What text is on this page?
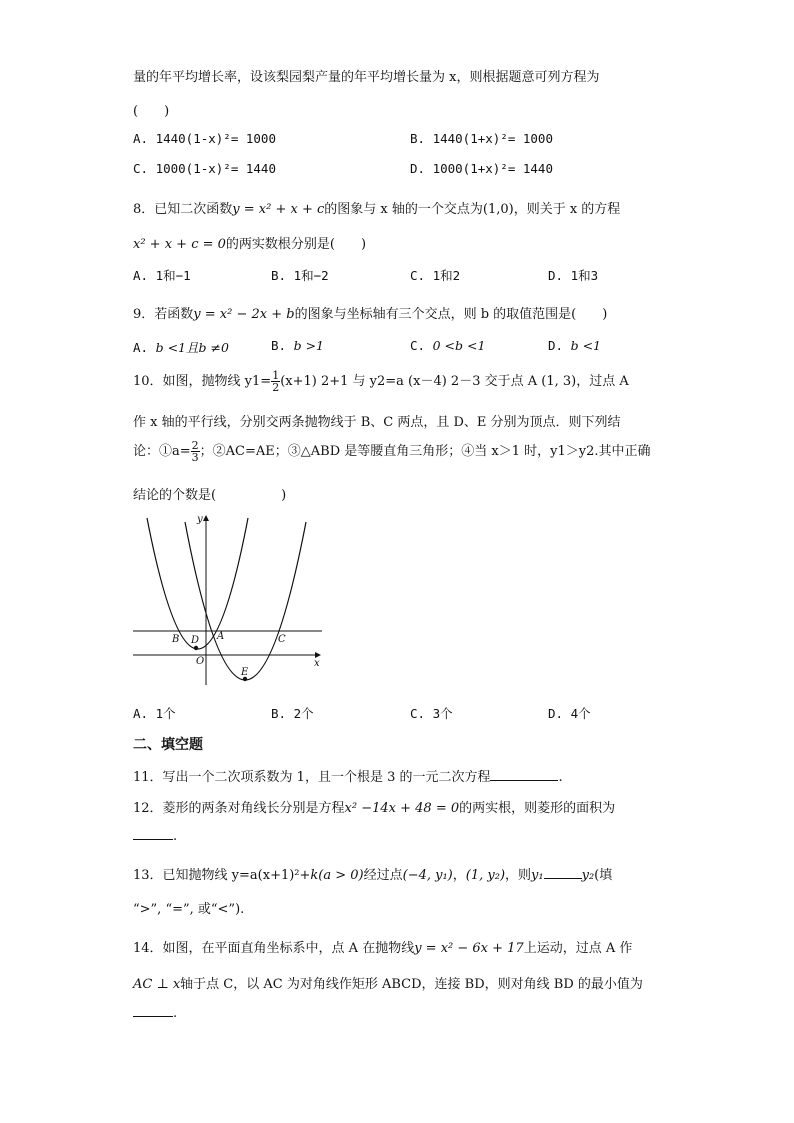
量的年平均增长率，设该梨园梨产量的年平均增长量为 x，则根据题意可列方程为
(　　)
A. 1440(1-x)²= 1000	B. 1440(1+x)²= 1000
C. 1000(1-x)²= 1440	D. 1000(1+x)²= 1440
8．已知二次函数y = x² + x + c的图象与 x 轴的一个交点为(1,0)，则关于 x 的方程
x² + x + c = 0的两实数根分别是(　　)
A. 1和−1	B. 1和−2	C. 1和2	D. 1和3
9．若函数y = x² − 2x + b的图象与坐标轴有三个交点，则 b 的取值范围是(　　)
A. b <1且b ≠0	B. b >1	C. 0 <b <1	D. b <1
10．如图，抛物线 $y1= \frac{1}{2} (x+1)$ 2+1 与 y2=a (x－4) 2－3 交于点 A (1, 3)，过点 A
作 x 轴的平行线，分别交两条抛物线于 B、C 两点，且 D、E 分别为顶点．则下列结
论：①a= $\frac{2}{3}$ ；②AC=AE；③△ABD 是等腰直角三角形；④当 x＞1 时，y1＞y2.其中正确
结论的个数是(　　　　　)
y
x
B D A	C
O
E
A. 1个	B. 2个	C. 3个	D. 4个
二、填空题
11．写出一个二次项系数为 1，且一个根是 3 的一元二次方程	.
12．菱形的两条对角线长分别是方程x² −14x + 48 = 0的两实根，则菱形的面积为
.
13．已知抛物线 y=a(x+1)²+k(a > 0)经过点(−4, y₁)，(1, y₂)，则y₁	y₂(填
“>”, “=”, 或“<”).
14．如图，在平面直角坐标系中，点 A 在抛物线y = x² − 6x + 17上运动，过点 A 作
AC ⊥ x轴于点 C，以 AC 为对角线作矩形 ABCD，连接 BD，则对角线 BD 的最小值为
.
